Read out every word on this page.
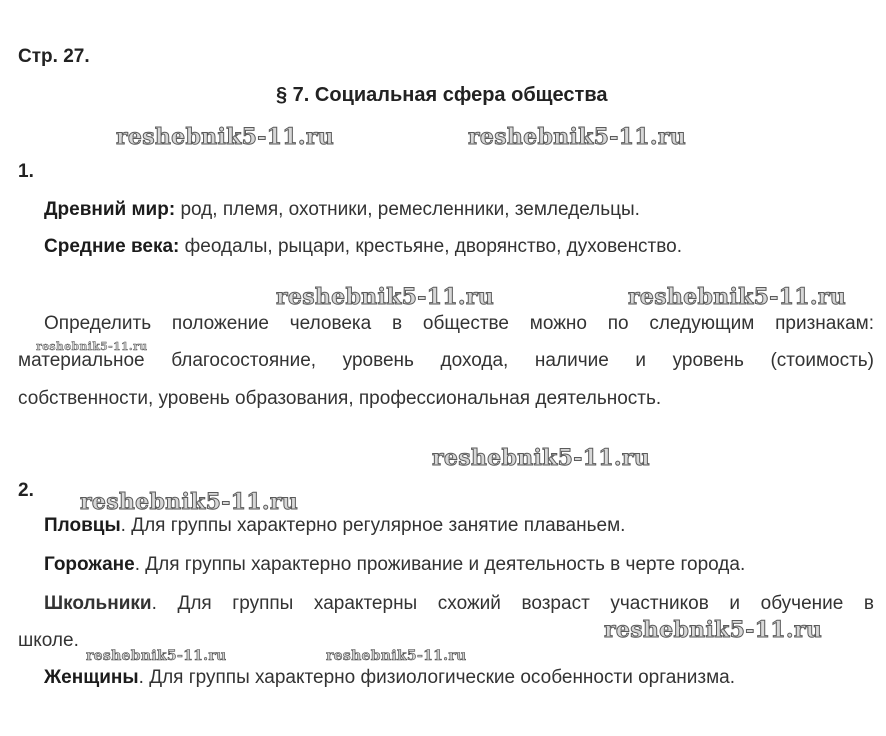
Стр. 27.
§ 7. Социальная сфера общества
1.
Древний мир: род, племя, охотники, ремесленники, земледельцы.
Средние века: феодалы, рыцари, крестьяне, дворянство, духовенство.
Определить положение человека в обществе можно по следующим признакам:
материальное благосостояние, уровень дохода, наличие и уровень (стоимость)
собственности, уровень образования, профессиональная деятельность.
2.
Пловцы. Для группы характерно регулярное занятие плаваньем.
Горожане. Для группы характерно проживание и деятельность в черте города.
Школьники. Для группы характерны схожий возраст участников и обучение в
школе.
Женщины. Для группы характерно физиологические особенности организма.
reshebnik5-11.ru	reshebnik5-11.ru
reshebnik5-11.ru	reshebnik5-11.ru
reshebnik5-11.ru
reshebnik5-11.ru
reshebnik5-11.ru
reshebnik5-11.ru
reshebnik5-11.ru	reshebnik5-11.ru
